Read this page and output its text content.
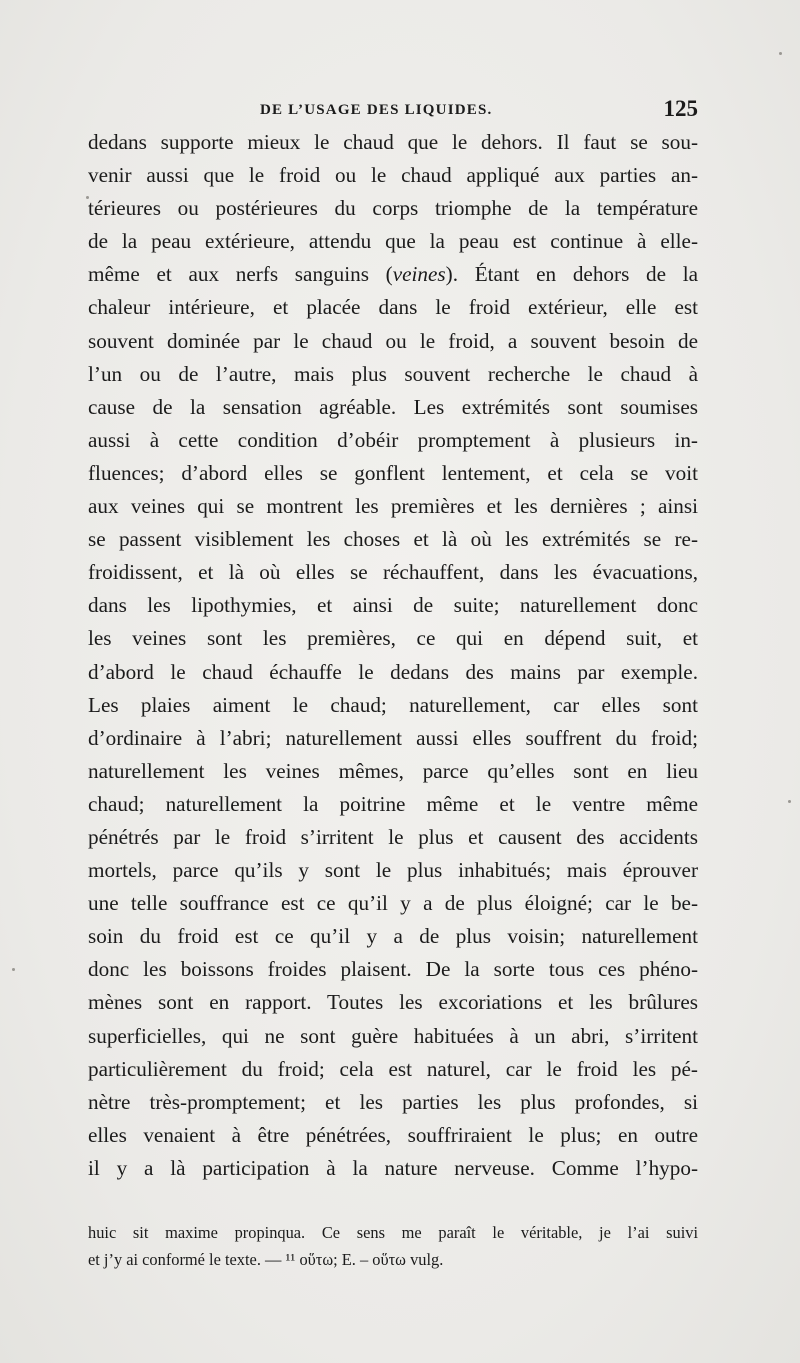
DE L’USAGE DES LIQUIDES.	125
dedans supporte mieux le chaud que le dehors. Il faut se sou-
venir aussi que le froid ou le chaud appliqué aux parties an-
térieures ou postérieures du corps triomphe de la température
de la peau extérieure, attendu que la peau est continue à elle-
même et aux nerfs sanguins (veines). Étant en dehors de la
chaleur intérieure, et placée dans le froid extérieur, elle est
souvent dominée par le chaud ou le froid, a souvent besoin de
l’un ou de l’autre, mais plus souvent recherche le chaud à
cause de la sensation agréable. Les extrémités sont soumises
aussi à cette condition d’obéir promptement à plusieurs in-
fluences; d’abord elles se gonflent lentement, et cela se voit
aux veines qui se montrent les premières et les dernières ; ainsi
se passent visiblement les choses et là où les extrémités se re-
froidissent, et là où elles se réchauffent, dans les évacuations,
dans les lipothymies, et ainsi de suite; naturellement donc
les veines sont les premières, ce qui en dépend suit, et
d’abord le chaud échauffe le dedans des mains par exemple.
Les plaies aiment le chaud; naturellement, car elles sont
d’ordinaire à l’abri; naturellement aussi elles souffrent du froid;
naturellement les veines mêmes, parce qu’elles sont en lieu
chaud; naturellement la poitrine même et le ventre même
pénétrés par le froid s’irritent le plus et causent des accidents
mortels, parce qu’ils y sont le plus inhabitués; mais éprouver
une telle souffrance est ce qu’il y a de plus éloigné; car le be-
soin du froid est ce qu’il y a de plus voisin; naturellement
donc les boissons froides plaisent. De la sorte tous ces phéno-
mènes sont en rapport. Toutes les excoriations et les brûlures
superficielles, qui ne sont guère habituées à un abri, s’irritent
particulièrement du froid; cela est naturel, car le froid les pé-
nètre très-promptement; et les parties les plus profondes, si
elles venaient à être pénétrées, souffriraient le plus; en outre
il y a là participation à la nature nerveuse. Comme l’hypo-
huic sit maxime propinqua. Ce sens me paraît le véritable, je l’ai suivi
et j’y ai conformé le texte. — ¹¹ οὕτω; E. – οὕτω vulg.
